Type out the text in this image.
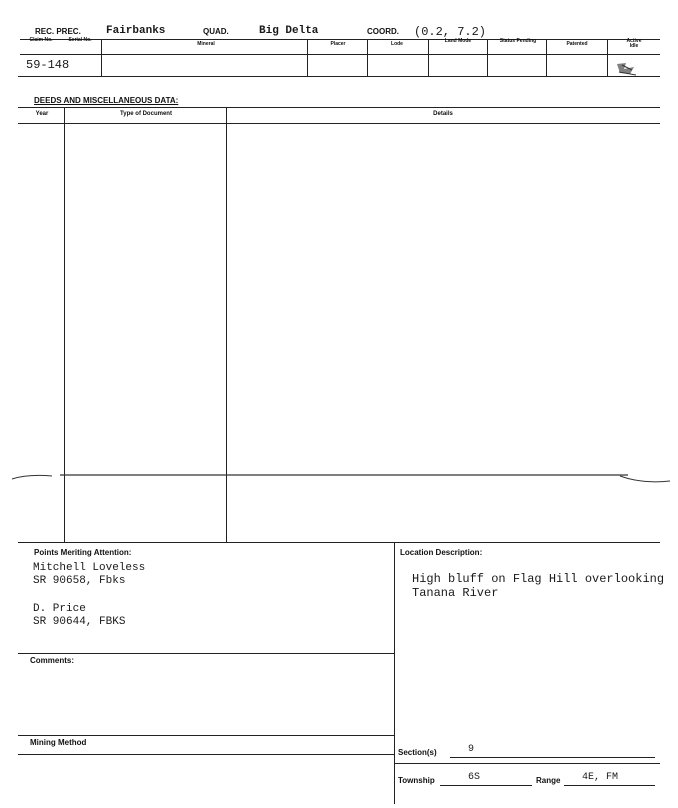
REC. PREC. Fairbanks	QUAD.	Big Delta	COORD. (0.2, 7.2)
Claim No.	Serial No.
Mineral	Placer	Lode	Land Mode	Status Pending	Patented	Active Idle
59-148
DEEDS AND MISCELLANEOUS DATA:
Year	Type of Document	Details
Points Meriting Attention:
Mitchell Loveless
SR 90658, Fbks
D. Price
SR 90644, FBKS
Location Description:
High bluff on Flag Hill overlooking
Tanana River
Comments:
Mining Method
Section(s)	9
Township	6S	Range 4E, FM
